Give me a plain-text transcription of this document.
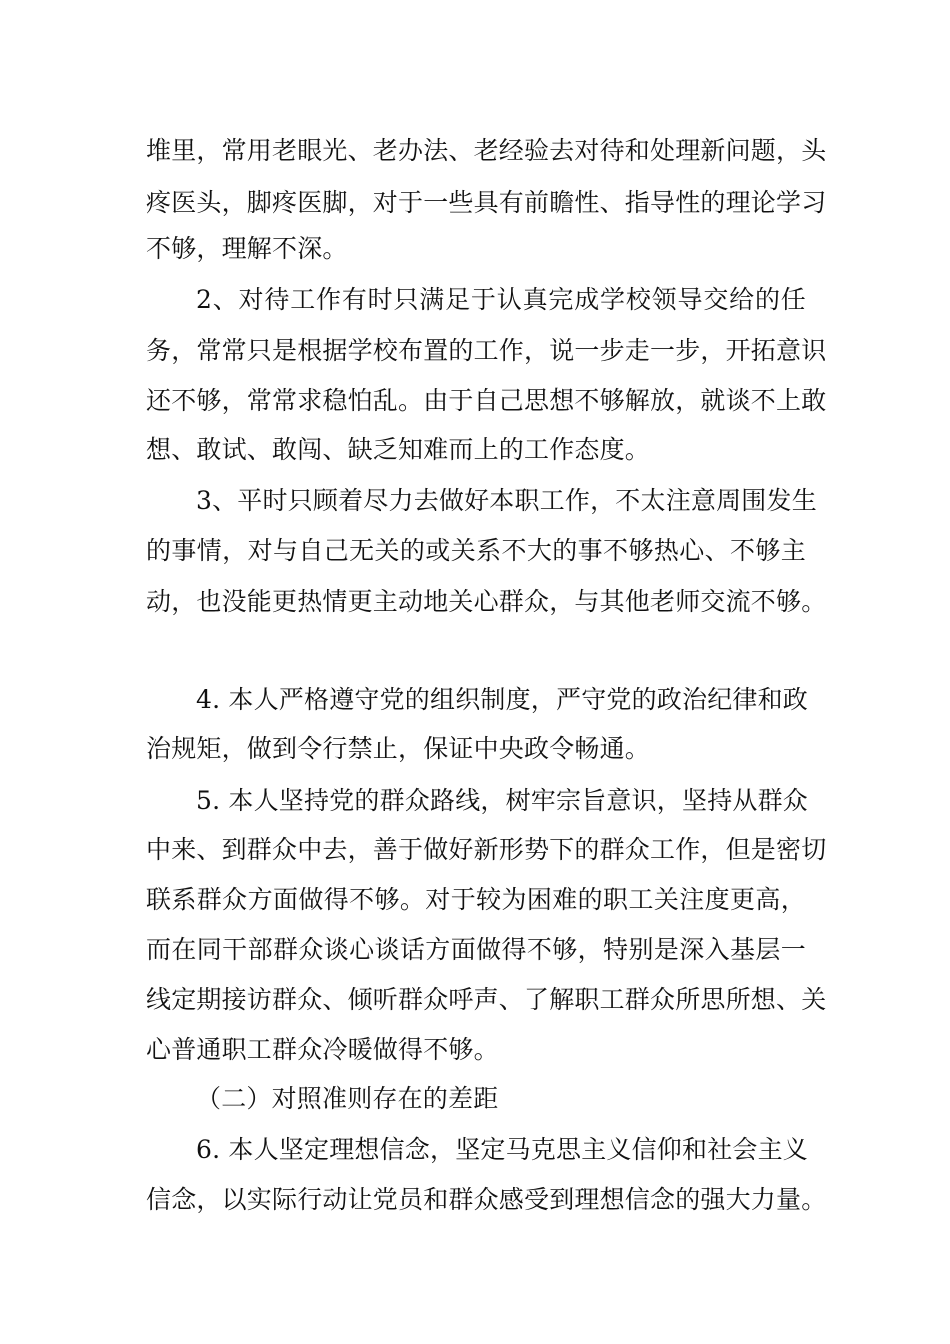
堆里，常用老眼光、老办法、老经验去对待和处理新问题，头
疼医头，脚疼医脚，对于一些具有前瞻性、指导性的理论学习
不够，理解不深。
2、对待工作有时只满足于认真完成学校领导交给的任
务，常常只是根据学校布置的工作，说一步走一步，开拓意识
还不够，常常求稳怕乱。由于自己思想不够解放，就谈不上敢
想、敢试、敢闯、缺乏知难而上的工作态度。
3、平时只顾着尽力去做好本职工作，不太注意周围发生
的事情，对与自己无关的或关系不大的事不够热心、不够主
动，也没能更热情更主动地关心群众，与其他老师交流不够。
4. 本人严格遵守党的组织制度，严守党的政治纪律和政
治规矩，做到令行禁止，保证中央政令畅通。
5. 本人坚持党的群众路线，树牢宗旨意识，坚持从群众
中来、到群众中去，善于做好新形势下的群众工作，但是密切
联系群众方面做得不够。对于较为困难的职工关注度更高，
而在同干部群众谈心谈话方面做得不够，特别是深入基层一
线定期接访群众、倾听群众呼声、了解职工群众所思所想、关
心普通职工群众冷暖做得不够。
（二）对照准则存在的差距
6. 本人坚定理想信念，坚定马克思主义信仰和社会主义
信念，以实际行动让党员和群众感受到理想信念的强大力量。
